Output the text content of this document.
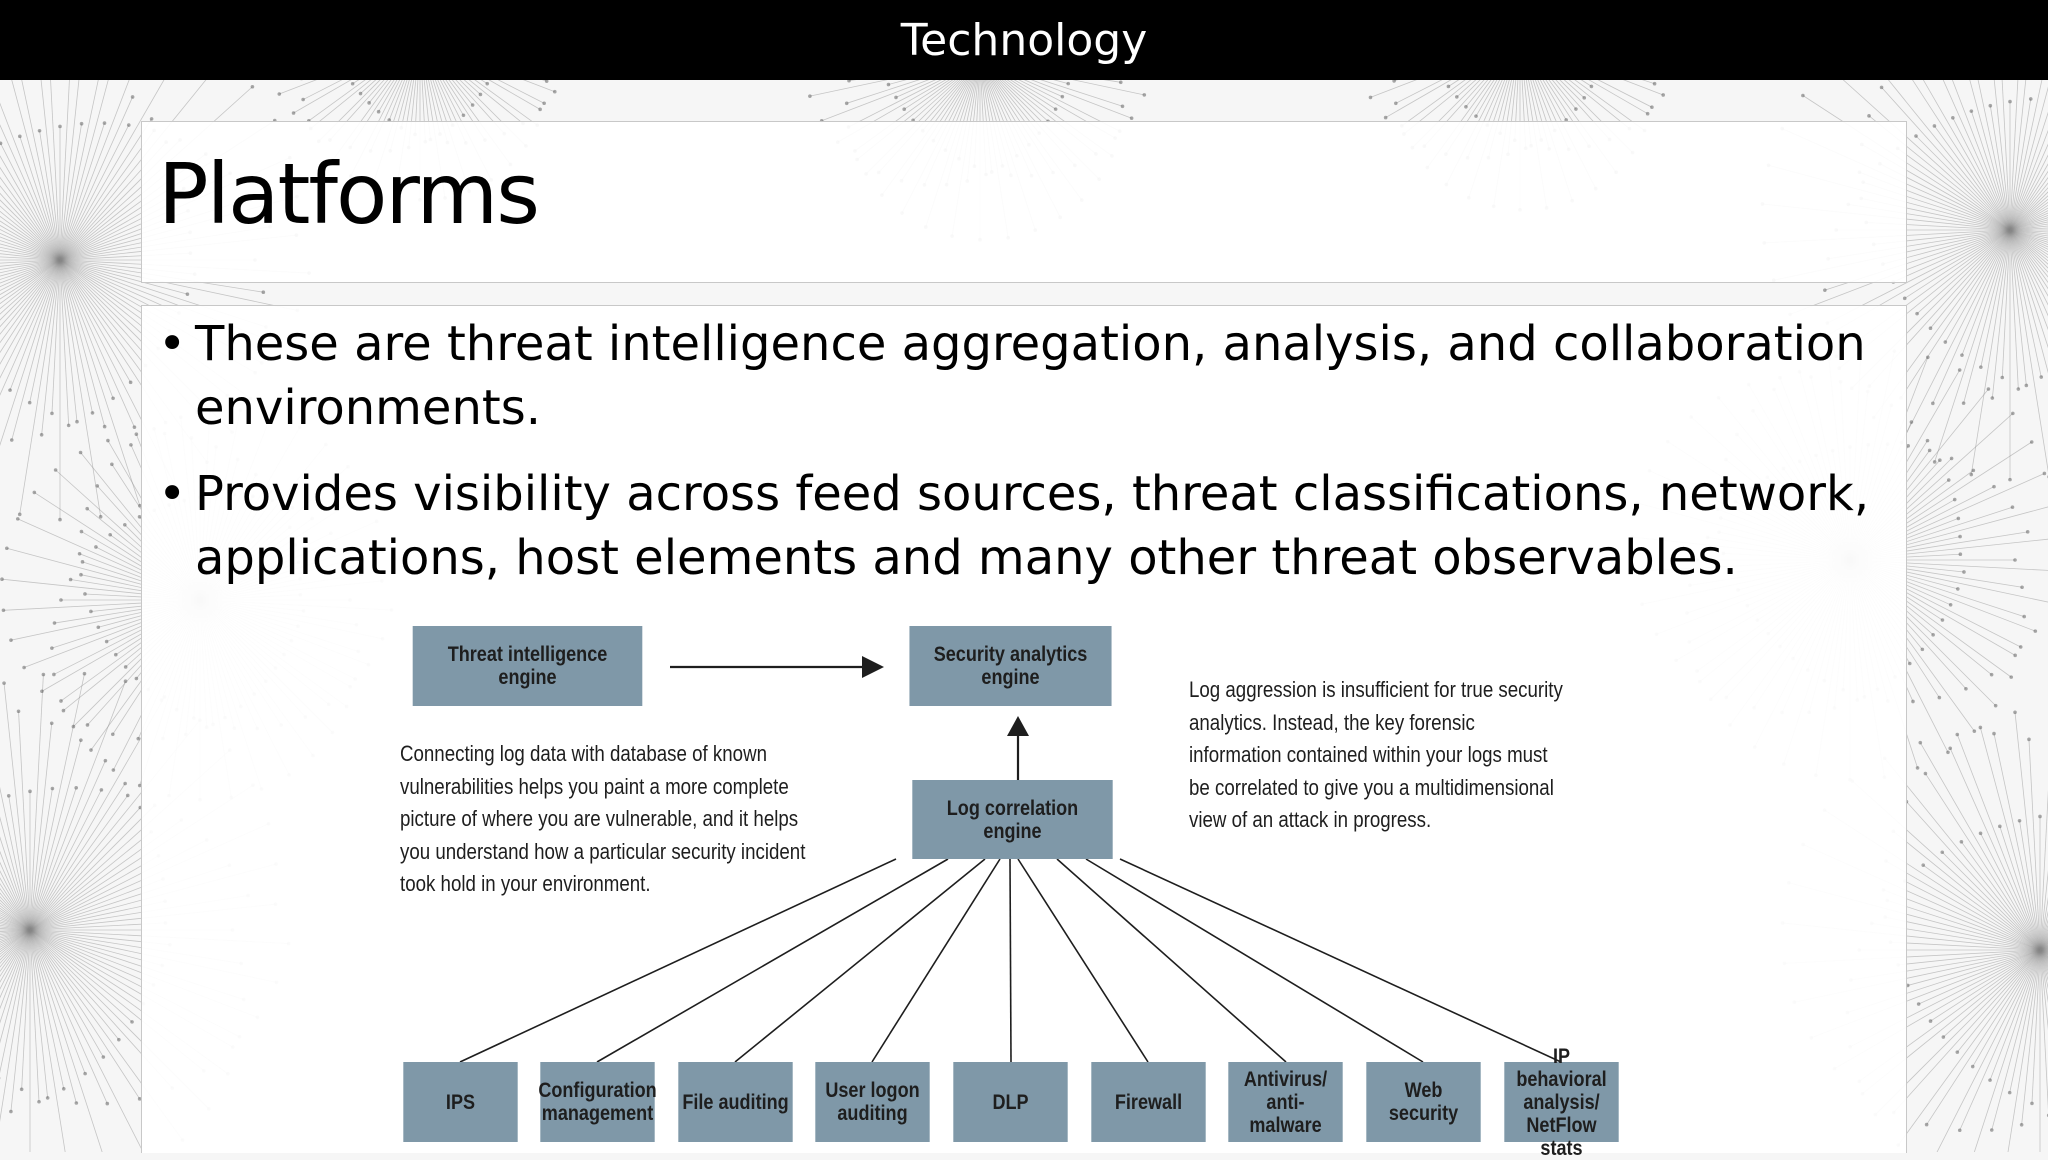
Technology
Platforms
• These are threat intelligence aggregation, analysis, and collaboration environments.
• Provides visibility across feed sources, threat classifications, network, applications, host elements and many other threat observables.
Threat intelligence engine
Security analytics engine
Log correlation engine

Connecting log data with database of known vulnerabilities helps you paint a more complete picture of where you are vulnerable, and it helps you understand how a particular security incident took hold in your environment.

Log aggression is insufficient for true security analytics. Instead, the key forensic information contained within your logs must be correlated to give you a multidimensional view of an attack in progress.

IPS	Configuration management File auditing	User logon auditing	DLP	Firewall
Antivirus/ anti-malware
Web security
IP behavioral analysis/ NetFlow stats
